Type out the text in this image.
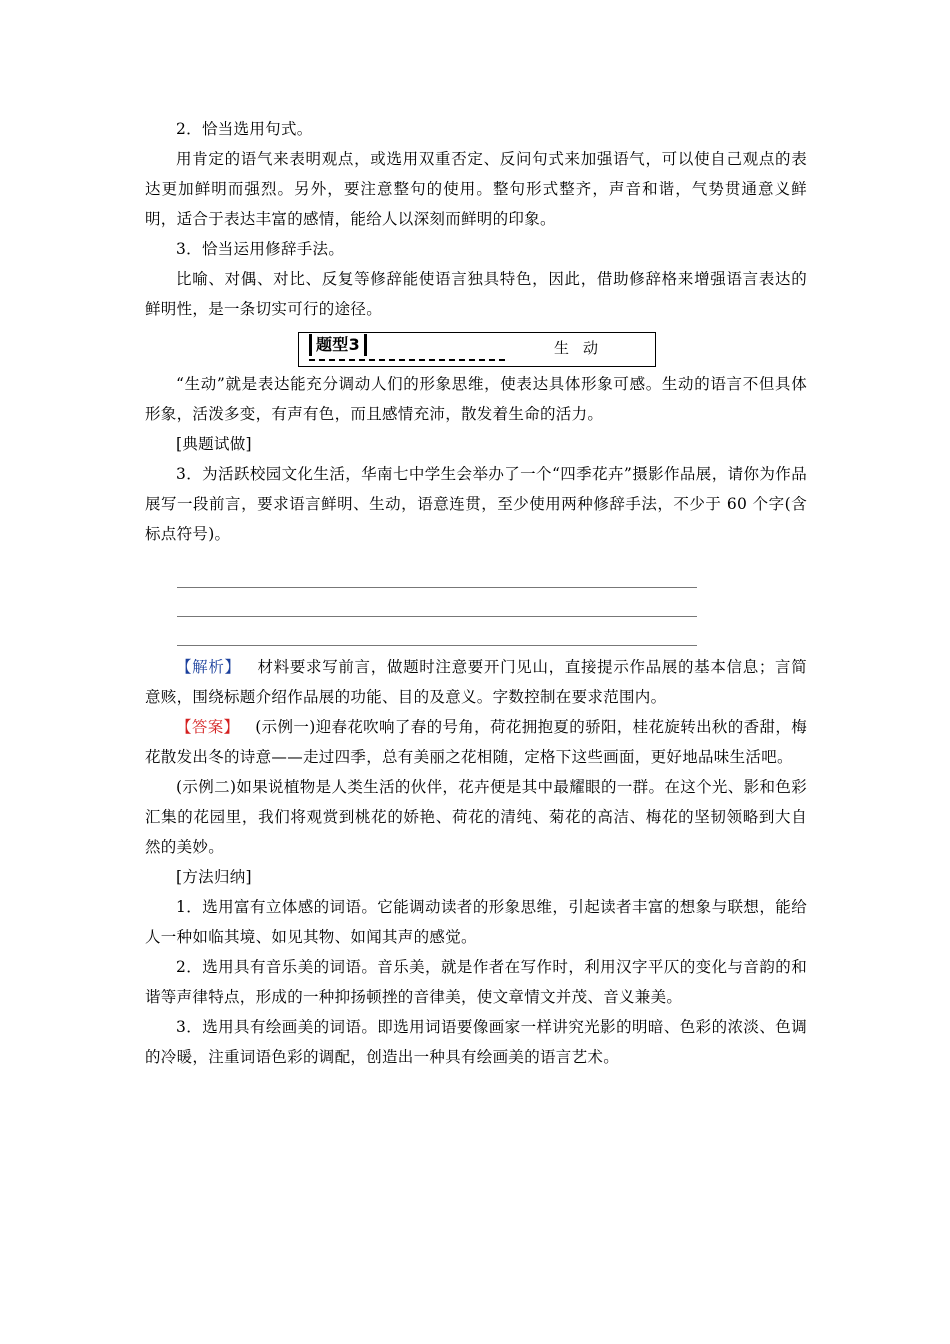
2．恰当选用句式。

用肯定的语气来表明观点，或选用双重否定、反问句式来加强语气，可以使自己观点的表达更加鲜明而强烈。另外，要注意整句的使用。整句形式整齐，声音和谐，气势贯通意义鲜明，适合于表达丰富的感情，能给人以深刻而鲜明的印象。

3．恰当运用修辞手法。

比喻、对偶、对比、反复等修辞能使语言独具特色，因此，借助修辞格来增强语言表达的鲜明性，是一条切实可行的途径。

题型3	生动

“生动”就是表达能充分调动人们的形象思维，使表达具体形象可感。生动的语言不但具体形象，活泼多变，有声有色，而且感情充沛，散发着生命的活力。

[典题试做]

3．为活跃校园文化生活，华南七中学生会举办了一个“四季花卉”摄影作品展，请你为作品展写一段前言，要求语言鲜明、生动，语意连贯，至少使用两种修辞手法，不少于 60 个字(含标点符号)。

【解析】 材料要求写前言，做题时注意要开门见山，直接提示作品展的基本信息；言简意赅，围绕标题介绍作品展的功能、目的及意义。字数控制在要求范围内。

【答案】 (示例一)迎春花吹响了春的号角，荷花拥抱夏的骄阳，桂花旋转出秋的香甜，梅花散发出冬的诗意——走过四季，总有美丽之花相随，定格下这些画面，更好地品味生活吧。

(示例二)如果说植物是人类生活的伙伴，花卉便是其中最耀眼的一群。在这个光、影和色彩汇集的花园里，我们将观赏到桃花的娇艳、荷花的清纯、菊花的高洁、梅花的坚韧领略到大自然的美妙。

[方法归纳]

1．选用富有立体感的词语。它能调动读者的形象思维，引起读者丰富的想象与联想，能给人一种如临其境、如见其物、如闻其声的感觉。

2．选用具有音乐美的词语。音乐美，就是作者在写作时，利用汉字平仄的变化与音韵的和谐等声律特点，形成的一种抑扬顿挫的音律美，使文章情文并茂、音义兼美。

3．选用具有绘画美的词语。即选用词语要像画家一样讲究光影的明暗、色彩的浓淡、色调的冷暖，注重词语色彩的调配，创造出一种具有绘画美的语言艺术。
